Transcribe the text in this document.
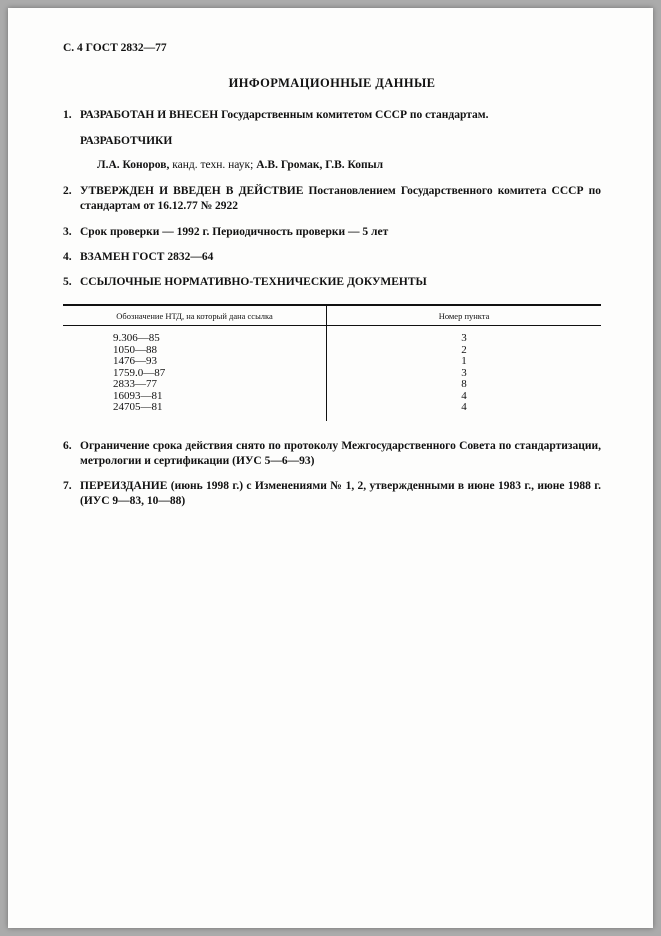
С. 4 ГОСТ 2832—77
ИНФОРМАЦИОННЫЕ ДАННЫЕ
1. РАЗРАБОТАН И ВНЕСЕН Государственным комитетом СССР по стандартам.
РАЗРАБОТЧИКИ
Л.А. Коноров, канд. техн. наук; А.В. Громак, Г.В. Копыл
2. УТВЕРЖДЕН И ВВЕДЕН В ДЕЙСТВИЕ Постановлением Государственного комитета СССР по стандартам от 16.12.77 № 2922
3. Срок проверки — 1992 г. Периодичность проверки — 5 лет
4. ВЗАМЕН ГОСТ 2832—64
5. ССЫЛОЧНЫЕ НОРМАТИВНО-ТЕХНИЧЕСКИЕ ДОКУМЕНТЫ
Обозначение НТД, на который дана ссылка	Номер пункта
9.306—85	3
1050—88	2
1476—93	1
1759.0—87	3
2833—77	8
16093—81	4
24705—81	4
6. Ограничение срока действия снято по протоколу Межгосударственного Совета по стандартизации, метрологии и сертификации (ИУС 5—6—93)
7. ПЕРЕИЗДАНИЕ (июнь 1998 г.) с Изменениями № 1, 2, утвержденными в июне 1983 г., июне 1988 г. (ИУС 9—83, 10—88)
